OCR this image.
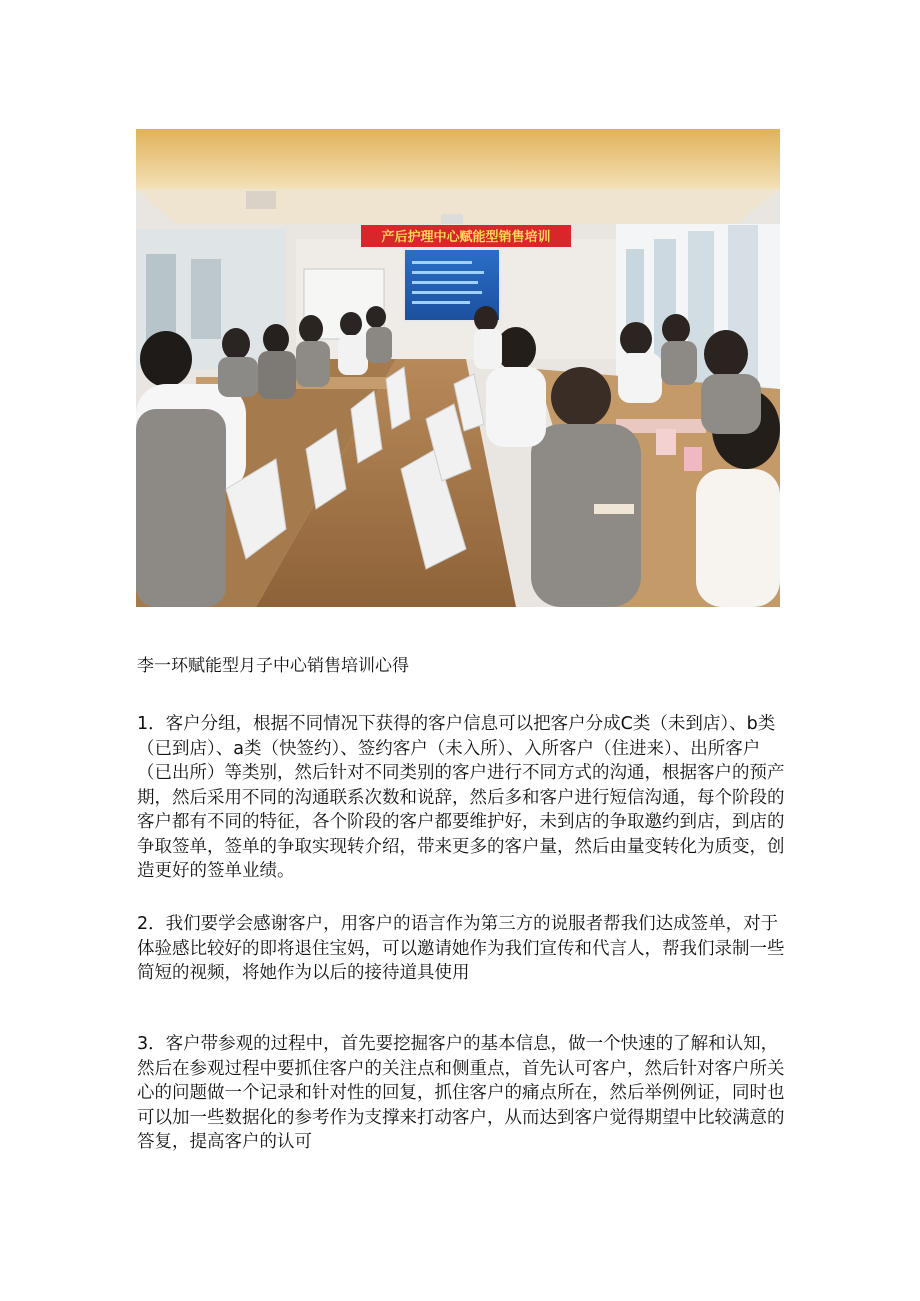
产后护理中心赋能型销售培训
李一环赋能型月子中心销售培训心得

1．客户分组，根据不同情况下获得的客户信息可以把客户分成C类（未到店）、b类（已到店）、a类（快签约）、签约客户（未入所）、入所客户（住进来）、出所客户（已出所）等类别，然后针对不同类别的客户进行不同方式的沟通，根据客户的预产期，然后采用不同的沟通联系次数和说辞，然后多和客户进行短信沟通，每个阶段的客户都有不同的特征，各个阶段的客户都要维护好，未到店的争取邀约到店，到店的争取签单，签单的争取实现转介绍，带来更多的客户量，然后由量变转化为质变，创造更好的签单业绩。

2．我们要学会感谢客户，用客户的语言作为第三方的说服者帮我们达成签单，对于体验感比较好的即将退住宝妈，可以邀请她作为我们宣传和代言人，帮我们录制一些简短的视频，将她作为以后的接待道具使用

3．客户带参观的过程中，首先要挖掘客户的基本信息，做一个快速的了解和认知，然后在参观过程中要抓住客户的关注点和侧重点，首先认可客户，然后针对客户所关心的问题做一个记录和针对性的回复，抓住客户的痛点所在，然后举例例证，同时也可以加一些数据化的参考作为支撑来打动客户，从而达到客户觉得期望中比较满意的答复，提高客户的认可
